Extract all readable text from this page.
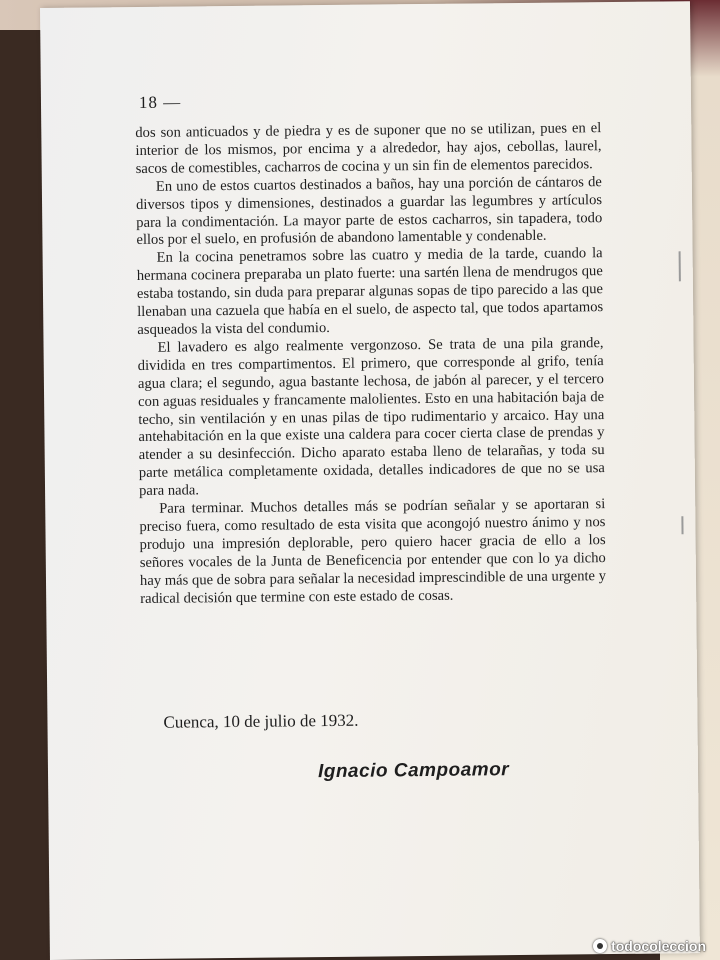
18 —

dos son anticuados y de piedra y es de suponer que no se utilizan, pues en el interior de los mismos, por encima y a alrededor, hay ajos, cebollas, laurel, sacos de comestibles, cacharros de cocina y un sin fin de elementos parecidos.

En uno de estos cuartos destinados a baños, hay una porción de cántaros de diversos tipos y dimensiones, destinados a guardar las legumbres y artículos para la condimentación. La mayor parte de estos cacharros, sin tapadera, todo ellos por el suelo, en profusión de abandono lamentable y condenable.

En la cocina penetramos sobre las cuatro y media de la tarde, cuando la hermana cocinera preparaba un plato fuerte: una sartén llena de mendrugos que estaba tostando, sin duda para preparar algunas sopas de tipo parecido a las que llenaban una cazuela que había en el suelo, de aspecto tal, que todos apartamos asqueados la vista del condumio.

El lavadero es algo realmente vergonzoso. Se trata de una pila grande, dividida en tres compartimentos. El primero, que corresponde al grifo, tenía agua clara; el segundo, agua bastante lechosa, de jabón al parecer, y el tercero con aguas residuales y francamente malolientes. Esto en una habitación baja de techo, sin ventilación y en unas pilas de tipo rudimentario y arcaico. Hay una antehabitación en la que existe una caldera para cocer cierta clase de prendas y atender a su desinfección. Dicho aparato estaba lleno de telarañas, y toda su parte metálica completamente oxidada, detalles indicadores de que no se usa para nada.

Para terminar. Muchos detalles más se podrían señalar y se aportaran si preciso fuera, como resultado de esta visita que acongojó nuestro ánimo y nos produjo una impresión deplorable, pero quiero hacer gracia de ello a los señores vocales de la Junta de Beneficencia por entender que con lo ya dicho hay más que de sobra para señalar la necesidad imprescindible de una urgente y radical decisión que termine con este estado de cosas.

Cuenca, 10 de julio de 1932.
Ignacio Campoamor
todocoleccion
